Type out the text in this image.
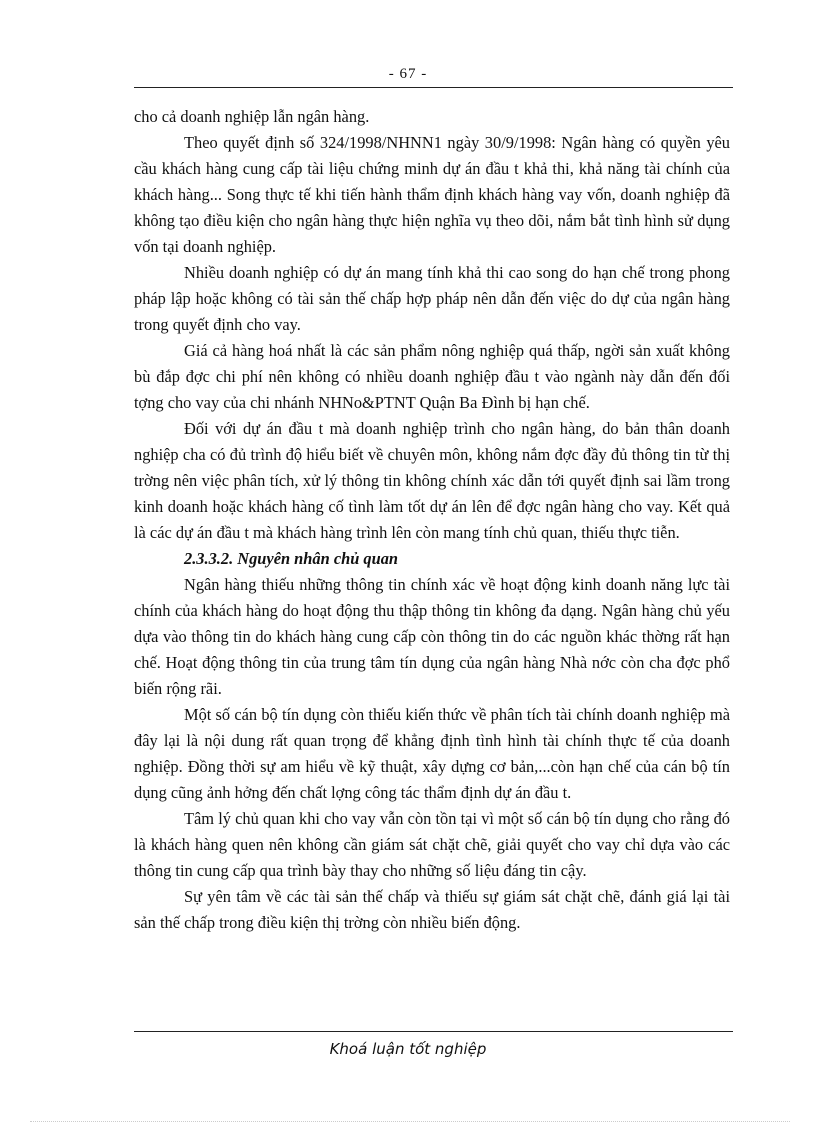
- 67 -

cho cả doanh nghiệp lẫn ngân hàng.

Theo quyết định số 324/1998/NHNN1 ngày 30/9/1998: Ngân hàng có quyền yêu cầu khách hàng cung cấp tài liệu chứng minh dự án đầu t khả thi, khả năng tài chính của khách hàng... Song thực tế khi tiến hành thẩm định khách hàng vay vốn, doanh nghiệp đã không tạo điều kiện cho ngân hàng thực hiện nghĩa vụ theo dõi, nắm bắt tình hình sử dụng vốn tại doanh nghiệp.

Nhiều doanh nghiệp có dự án mang tính khả thi cao song do hạn chế trong phong pháp lập hoặc không có tài sản thế chấp hợp pháp nên dẫn đến việc do dự của ngân hàng trong quyết định cho vay.

Giá cả hàng hoá nhất là các sản phẩm nông nghiệp quá thấp, ngời sản xuất không bù đắp đợc chi phí nên không có nhiều doanh nghiệp đầu t vào ngành này dẫn đến đối tợng cho vay của chi nhánh NHNo&PTNT Quận Ba Đình bị hạn chế.

Đối với dự án đầu t mà doanh nghiệp trình cho ngân hàng, do bản thân doanh nghiệp cha có đủ trình độ hiểu biết về chuyên môn, không nắm đợc đầy đủ thông tin từ thị trờng nên việc phân tích, xử lý thông tin không chính xác dẫn tới quyết định sai lầm trong kinh doanh hoặc khách hàng cố tình làm tốt dự án lên để đợc ngân hàng cho vay. Kết quả là các dự án đầu t mà khách hàng trình lên còn mang tính chủ quan, thiếu thực tiễn.

2.3.3.2. Nguyên nhân chủ quan

Ngân hàng thiếu những thông tin chính xác về hoạt động kinh doanh năng lực tài chính của khách hàng do hoạt động thu thập thông tin không đa dạng. Ngân hàng chủ yếu dựa vào thông tin do khách hàng cung cấp còn thông tin do các nguồn khác thờng rất hạn chế. Hoạt động thông tin của trung tâm tín dụng của ngân hàng Nhà nớc còn cha đợc phổ biến rộng rãi.

Một số cán bộ tín dụng còn thiếu kiến thức về phân tích tài chính doanh nghiệp mà đây lại là nội dung rất quan trọng để khẳng định tình hình tài chính thực tế của doanh nghiệp. Đồng thời sự am hiểu về kỹ thuật, xây dựng cơ bản,...còn hạn chế của cán bộ tín dụng cũng ảnh hởng đến chất lợng công tác thẩm định dự án đầu t.

Tâm lý chủ quan khi cho vay vẫn còn tồn tại vì một số cán bộ tín dụng cho rằng đó là khách hàng quen nên không cần giám sát chặt chẽ, giải quyết cho vay chỉ dựa vào các thông tin cung cấp qua trình bày thay cho những số liệu đáng tin cậy.

Sự yên tâm về các tài sản thế chấp và thiếu sự giám sát chặt chẽ, đánh giá lại tài sản thế chấp trong điều kiện thị trờng còn nhiều biến động.

Khoá luận tốt nghiệp
